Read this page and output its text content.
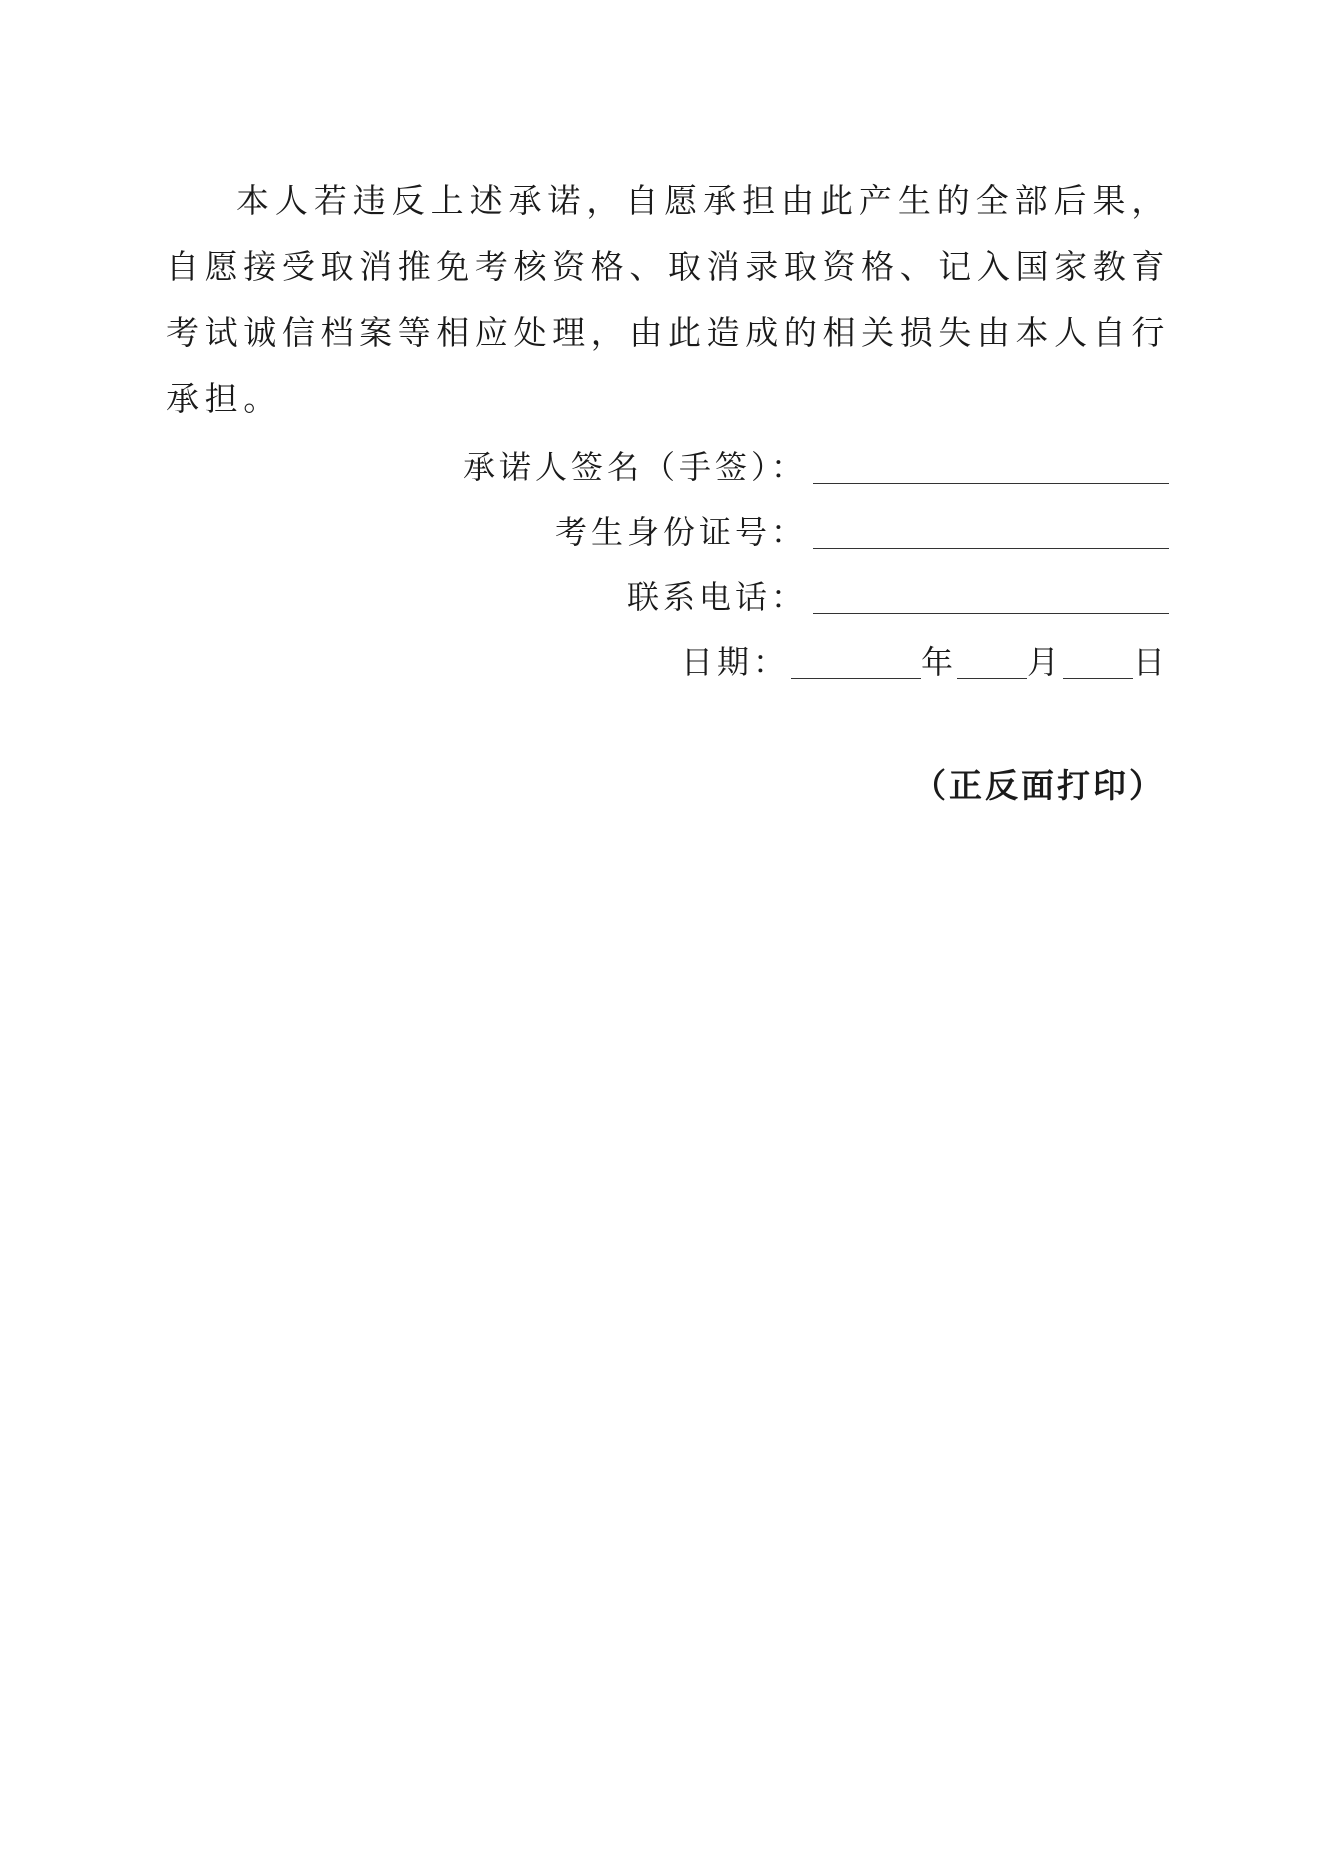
本人若违反上述承诺，自愿承担由此产生的全部后果，自愿接受取消推免考核资格、取消录取资格、记入国家教育考试诚信档案等相应处理，由此造成的相关损失由本人自行承担。

承诺人签名（手签）：
考生身份证号：
联系电话：
日期：	年 月 日
（正反面打印）
